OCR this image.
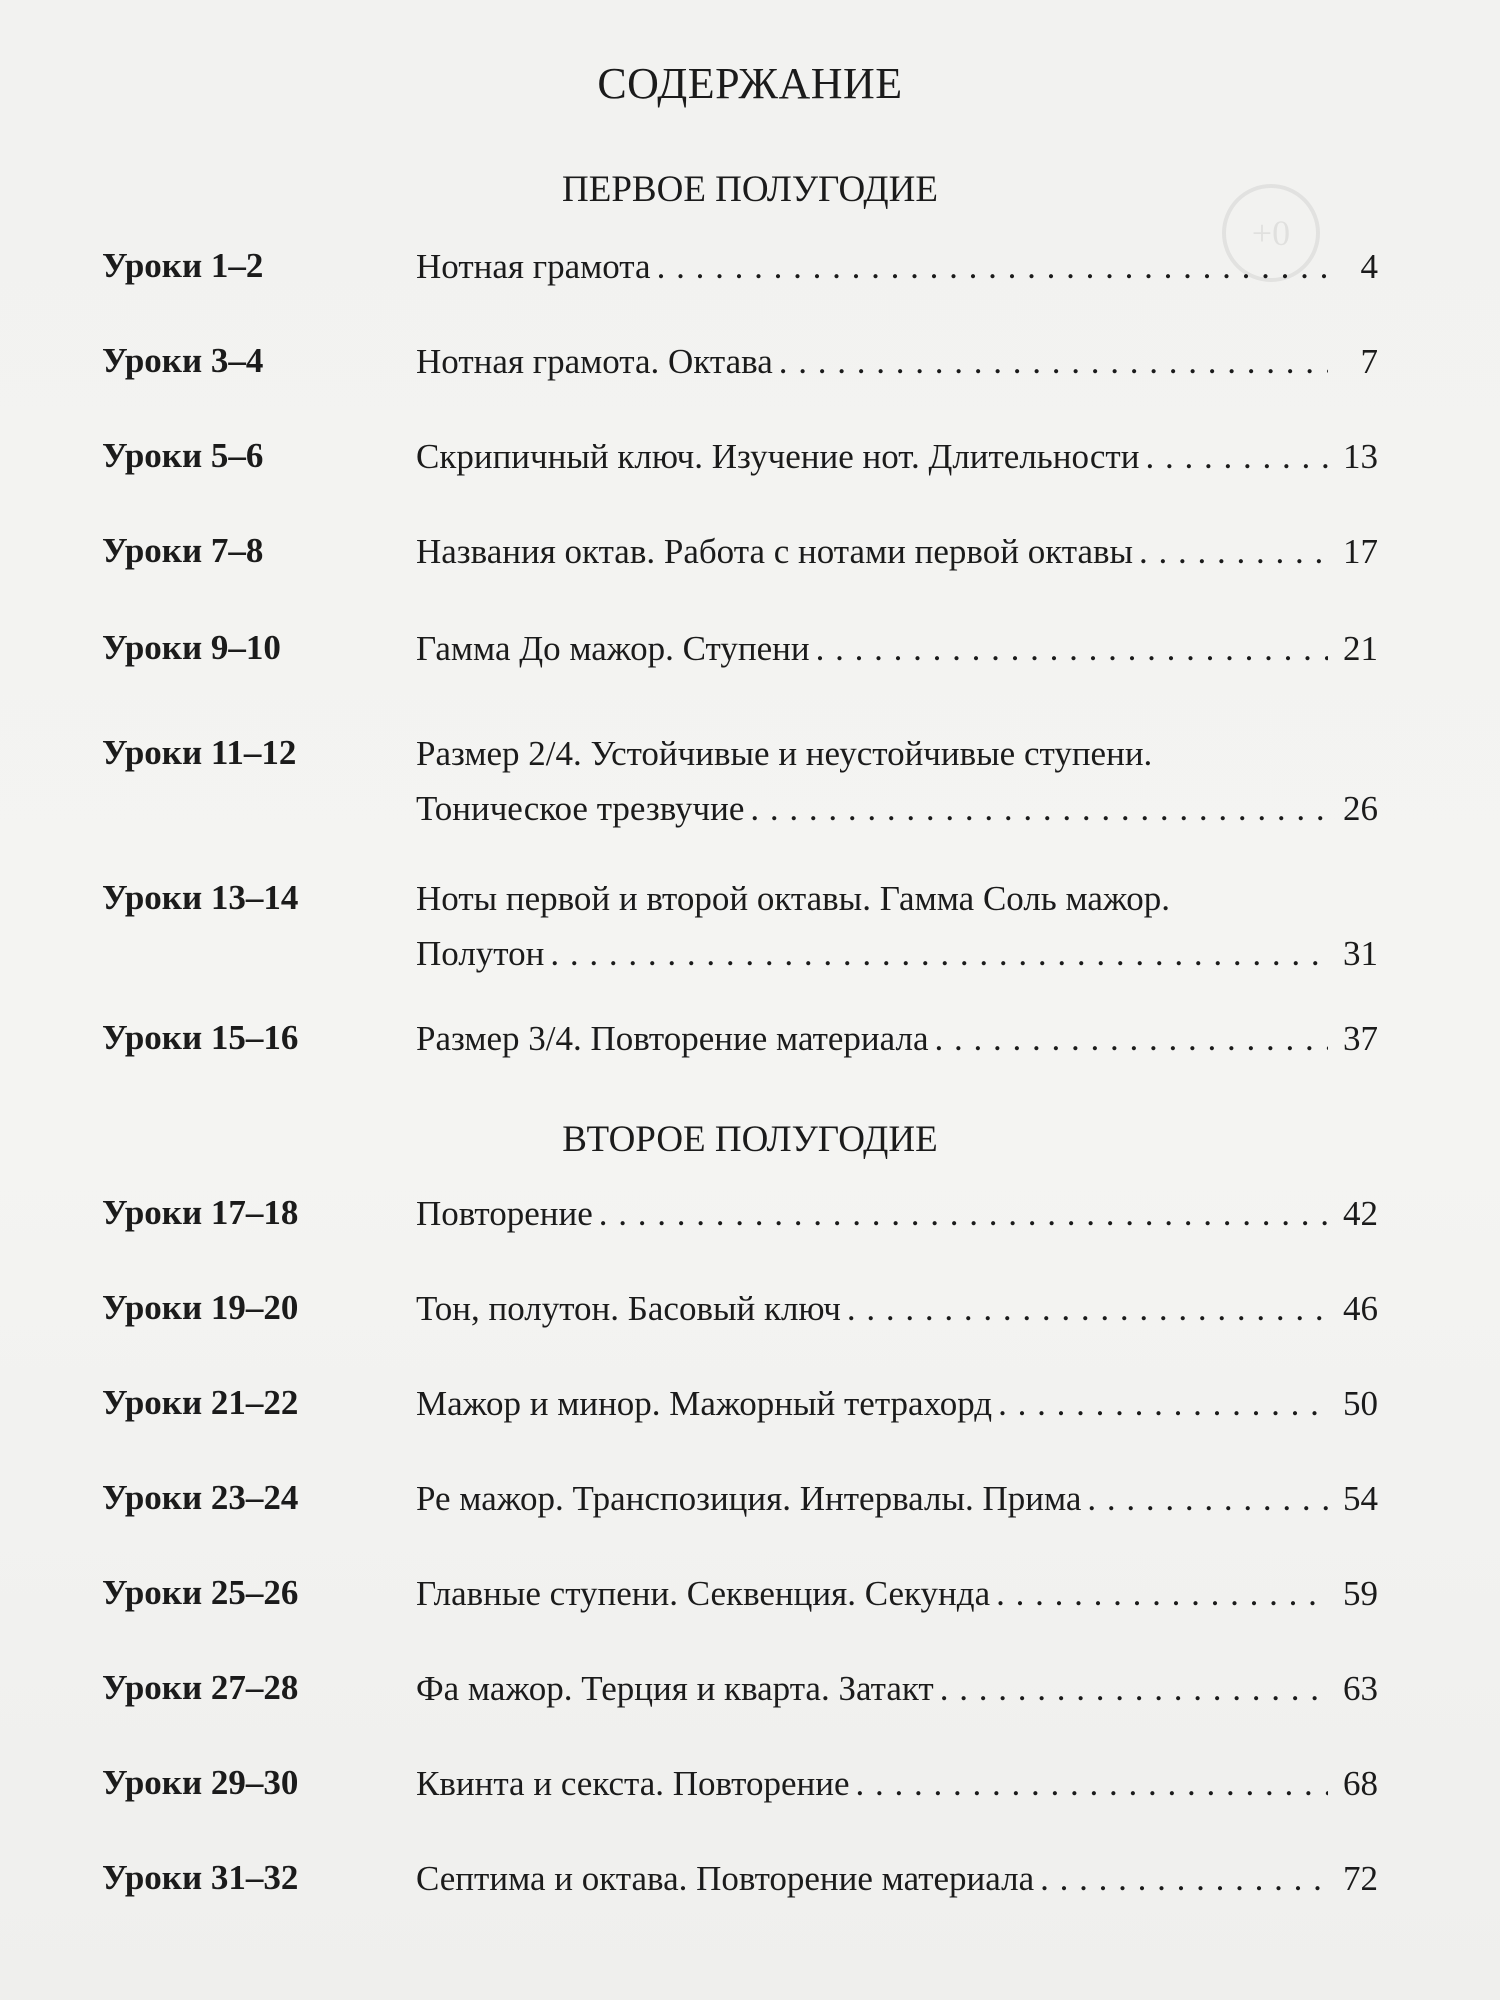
0+
СОДЕРЖАНИЕ
ПЕРВОЕ ПОЛУГОДИЕ
Уроки 1–2	Нотная грамота . . .	4
Уроки 3–4	Нотная грамота. Октава . . .	7
Уроки 5–6	Скрипичный ключ. Изучение нот. Длительности . . .	13
Уроки 7–8	Названия октав. Работа с нотами первой октавы . . .	17
Уроки 9–10	Гамма До мажор. Ступени . . .	21
Уроки 11–12	Размер 2/4. Устойчивые и неустойчивые ступени.
Тоническое трезвучие . . .	26
Уроки 13–14	Ноты первой и второй октавы. Гамма Соль мажор.
Полутон . . .	31
Уроки 15–16	Размер 3/4. Повторение материала . . .	37
ВТОРОЕ ПОЛУГОДИЕ
Уроки 17–18	Повторение . . .	42
Уроки 19–20	Тон, полутон. Басовый ключ . . .	46
Уроки 21–22	Мажор и минор. Мажорный тетрахорд . . .	50
Уроки 23–24	Ре мажор. Транспозиция. Интервалы. Прима . . .	54
Уроки 25–26	Главные ступени. Секвенция. Секунда . . .	59
Уроки 27–28	Фа мажор. Терция и кварта. Затакт . . .	63
Уроки 29–30	Квинта и секста. Повторение . . .	68
Уроки 31–32	Септима и октава. Повторение материала . . .	72
